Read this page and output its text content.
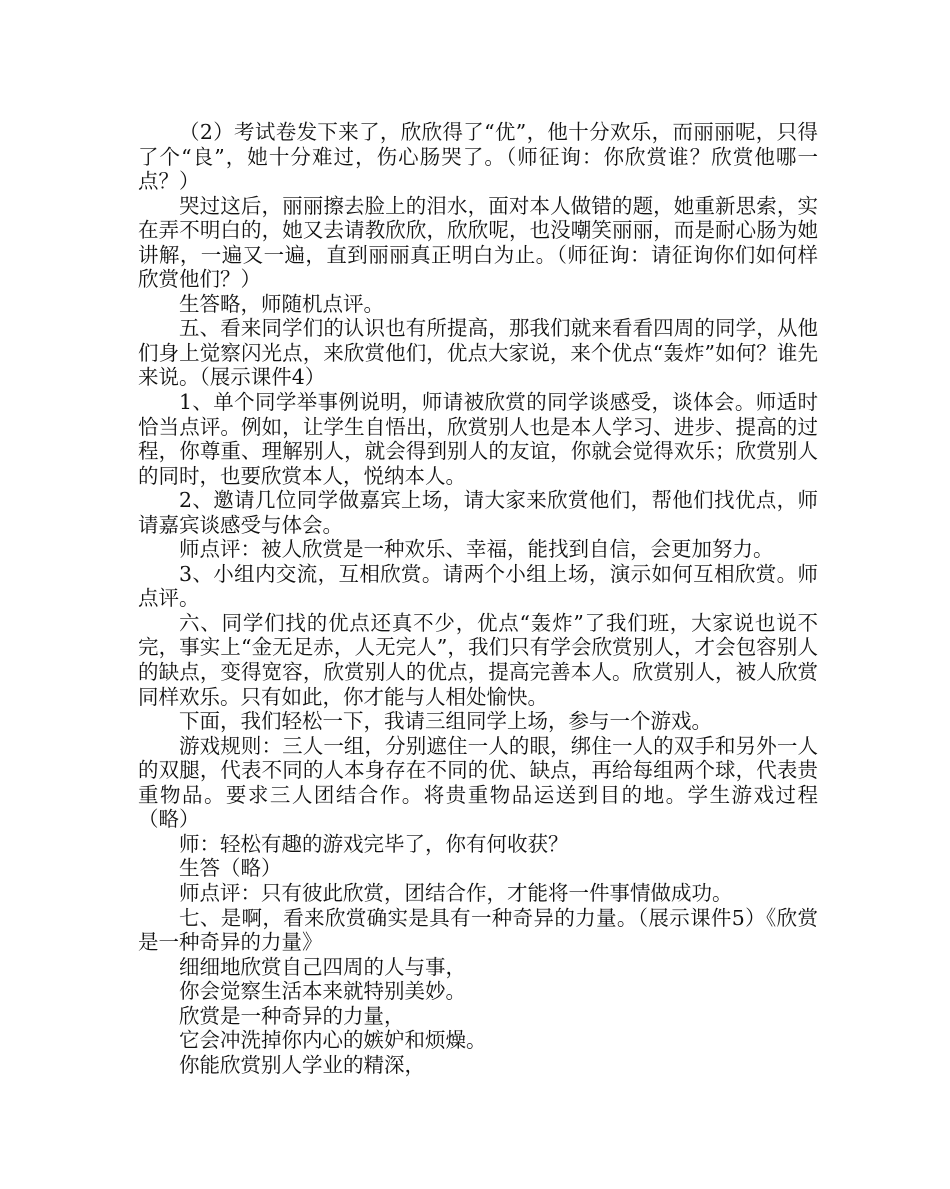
（2）考试卷发下来了，欣欣得了“优”，他十分欢乐，而丽丽呢，只得了个“良”，她十分难过，伤心肠哭了。（师征询：你欣赏谁？欣赏他哪一点？）

哭过这后，丽丽擦去脸上的泪水，面对本人做错的题，她重新思索，实在弄不明白的，她又去请教欣欣，欣欣呢，也没嘲笑丽丽，而是耐心肠为她讲解，一遍又一遍，直到丽丽真正明白为止。（师征询：请征询你们如何样欣赏他们？）

生答略，师随机点评。

五、看来同学们的认识也有所提高，那我们就来看看四周的同学，从他们身上觉察闪光点，来欣赏他们，优点大家说，来个优点“轰炸”如何？谁先来说。（展示课件4）

1、单个同学举事例说明，师请被欣赏的同学谈感受，谈体会。师适时恰当点评。例如，让学生自悟出，欣赏别人也是本人学习、进步、提高的过程，你尊重、理解别人，就会得到别人的友谊，你就会觉得欢乐；欣赏别人的同时，也要欣赏本人，悦纳本人。

2、邀请几位同学做嘉宾上场，请大家来欣赏他们，帮他们找优点，师请嘉宾谈感受与体会。

师点评：被人欣赏是一种欢乐、幸福，能找到自信，会更加努力。

3、小组内交流，互相欣赏。请两个小组上场，演示如何互相欣赏。师点评。

六、同学们找的优点还真不少，优点“轰炸”了我们班，大家说也说不完，事实上“金无足赤，人无完人”，我们只有学会欣赏别人，才会包容别人的缺点，变得宽容，欣赏别人的优点，提高完善本人。欣赏别人，被人欣赏同样欢乐。只有如此，你才能与人相处愉快。

下面，我们轻松一下，我请三组同学上场，参与一个游戏。

游戏规则：三人一组，分别遮住一人的眼，绑住一人的双手和另外一人的双腿，代表不同的人本身存在不同的优、缺点，再给每组两个球，代表贵重物品。要求三人团结合作。将贵重物品运送到目的地。学生游戏过程（略）

师：轻松有趣的游戏完毕了，你有何收获？

生答（略）

师点评：只有彼此欣赏，团结合作，才能将一件事情做成功。

七、是啊，看来欣赏确实是具有一种奇异的力量。（展示课件5）《欣赏是一种奇异的力量》

细细地欣赏自己四周的人与事，

你会觉察生活本来就特别美妙。

欣赏是一种奇异的力量，

它会冲洗掉你内心的嫉妒和烦燥。

你能欣赏别人学业的精深，
